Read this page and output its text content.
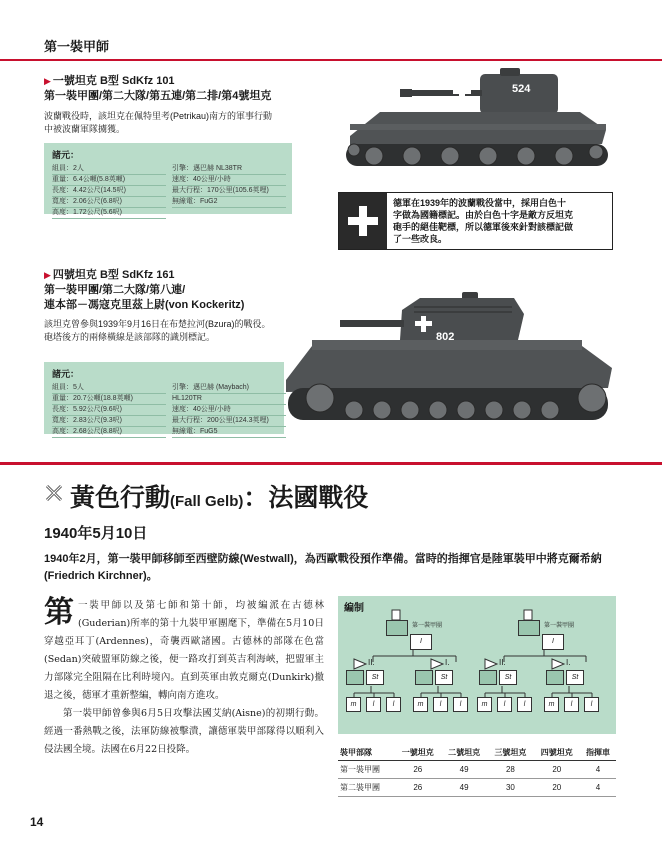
第一裝甲師
▶ 一號坦克 B型 SdKfz 101
第一裝甲團/第二大隊/第五連/第二排/第4號坦克
波蘭戰役時，該坦克在佩特里考(Petrikau)南方的軍事行動
中被波蘭軍隊擄獲。
諸元：
組員：2人
重量：6.4公噸(5.8英噸)
長度：4.42公尺(14.5呎)
寬度：2.06公尺(6.8呎)
高度：1.72公尺(5.6呎)
引擎：邁巴赫 NL38TR
速度：40公里/小時
最大行程：170公里(105.6英哩)
無線電：FuG2
524
德軍在1939年的波蘭戰役當中，採用白色十
字做為國籍標記。由於白色十字是敵方反坦克
砲手的絕佳靶標，所以德軍後來針對該標記做
了一些改良。
▶ 四號坦克 B型 SdKfz 161
第一裝甲團/第二大隊/第八連/
連本部－馮寇克里茲上尉(von Kockeritz)
該坦克曾參與1939年9月16日在布楚拉河(Bzura)的戰役。
砲塔後方的兩條橫線是該部隊的識別標記。
諸元：
組員：5人
重量：20.7公噸(18.8英噸)
長度：5.92公尺(9.6呎)
寬度：2.83公尺(9.3呎)
高度：2.68公尺(8.8呎)
引擎：邁巴赫 (Maybach)
HL120TR
速度：40公里/小時
最大行程：200公里(124.3英哩)
無線電：FuG5
802
黃色行動(Fall Gelb)：法國戰役
1940年5月10日
1940年2月，第一裝甲師移師至西壁防線(Westwall)，為西歐戰役預作準備。當時的指揮官是陸軍裝甲中將克爾希納(Friedrich Kirchner)。
第一裝甲師以及第七師和第十師，均被編派在古德林(Guderian)所率的第十九裝甲軍團麾下，準備在5月10日穿越亞耳丁(Ardennes)，奇襲西歐諸國。古德林的部隊在色當(Sedan)突破盟軍防線之後，便一路攻打到英吉利海峽，把盟軍主力部隊完全阻隔在比利時境內。直到英軍由敦克爾克(Dunkirk)撤退之後，德軍才重新整編，轉向南方進攻。
第一裝甲師曾參與6月5日攻擊法國艾納(Aisne)的初期行動。經過一番熱戰之後，法軍防線被擊潰，讓德軍裝甲部隊得以順利入侵法國全境。法國在6月22日投降。
編制
第一裝甲團
I
第一裝甲團
I
II.	I.	II.	I.
St	St	St	St
m	l	l	m	l	l	m	l	l	m	l	l
裝甲部隊	一號坦克	二號坦克	三號坦克	四號坦克	指揮車
第一裝甲團	26	49	28	20	4
第二裝甲團	26	49	30	20	4
14
